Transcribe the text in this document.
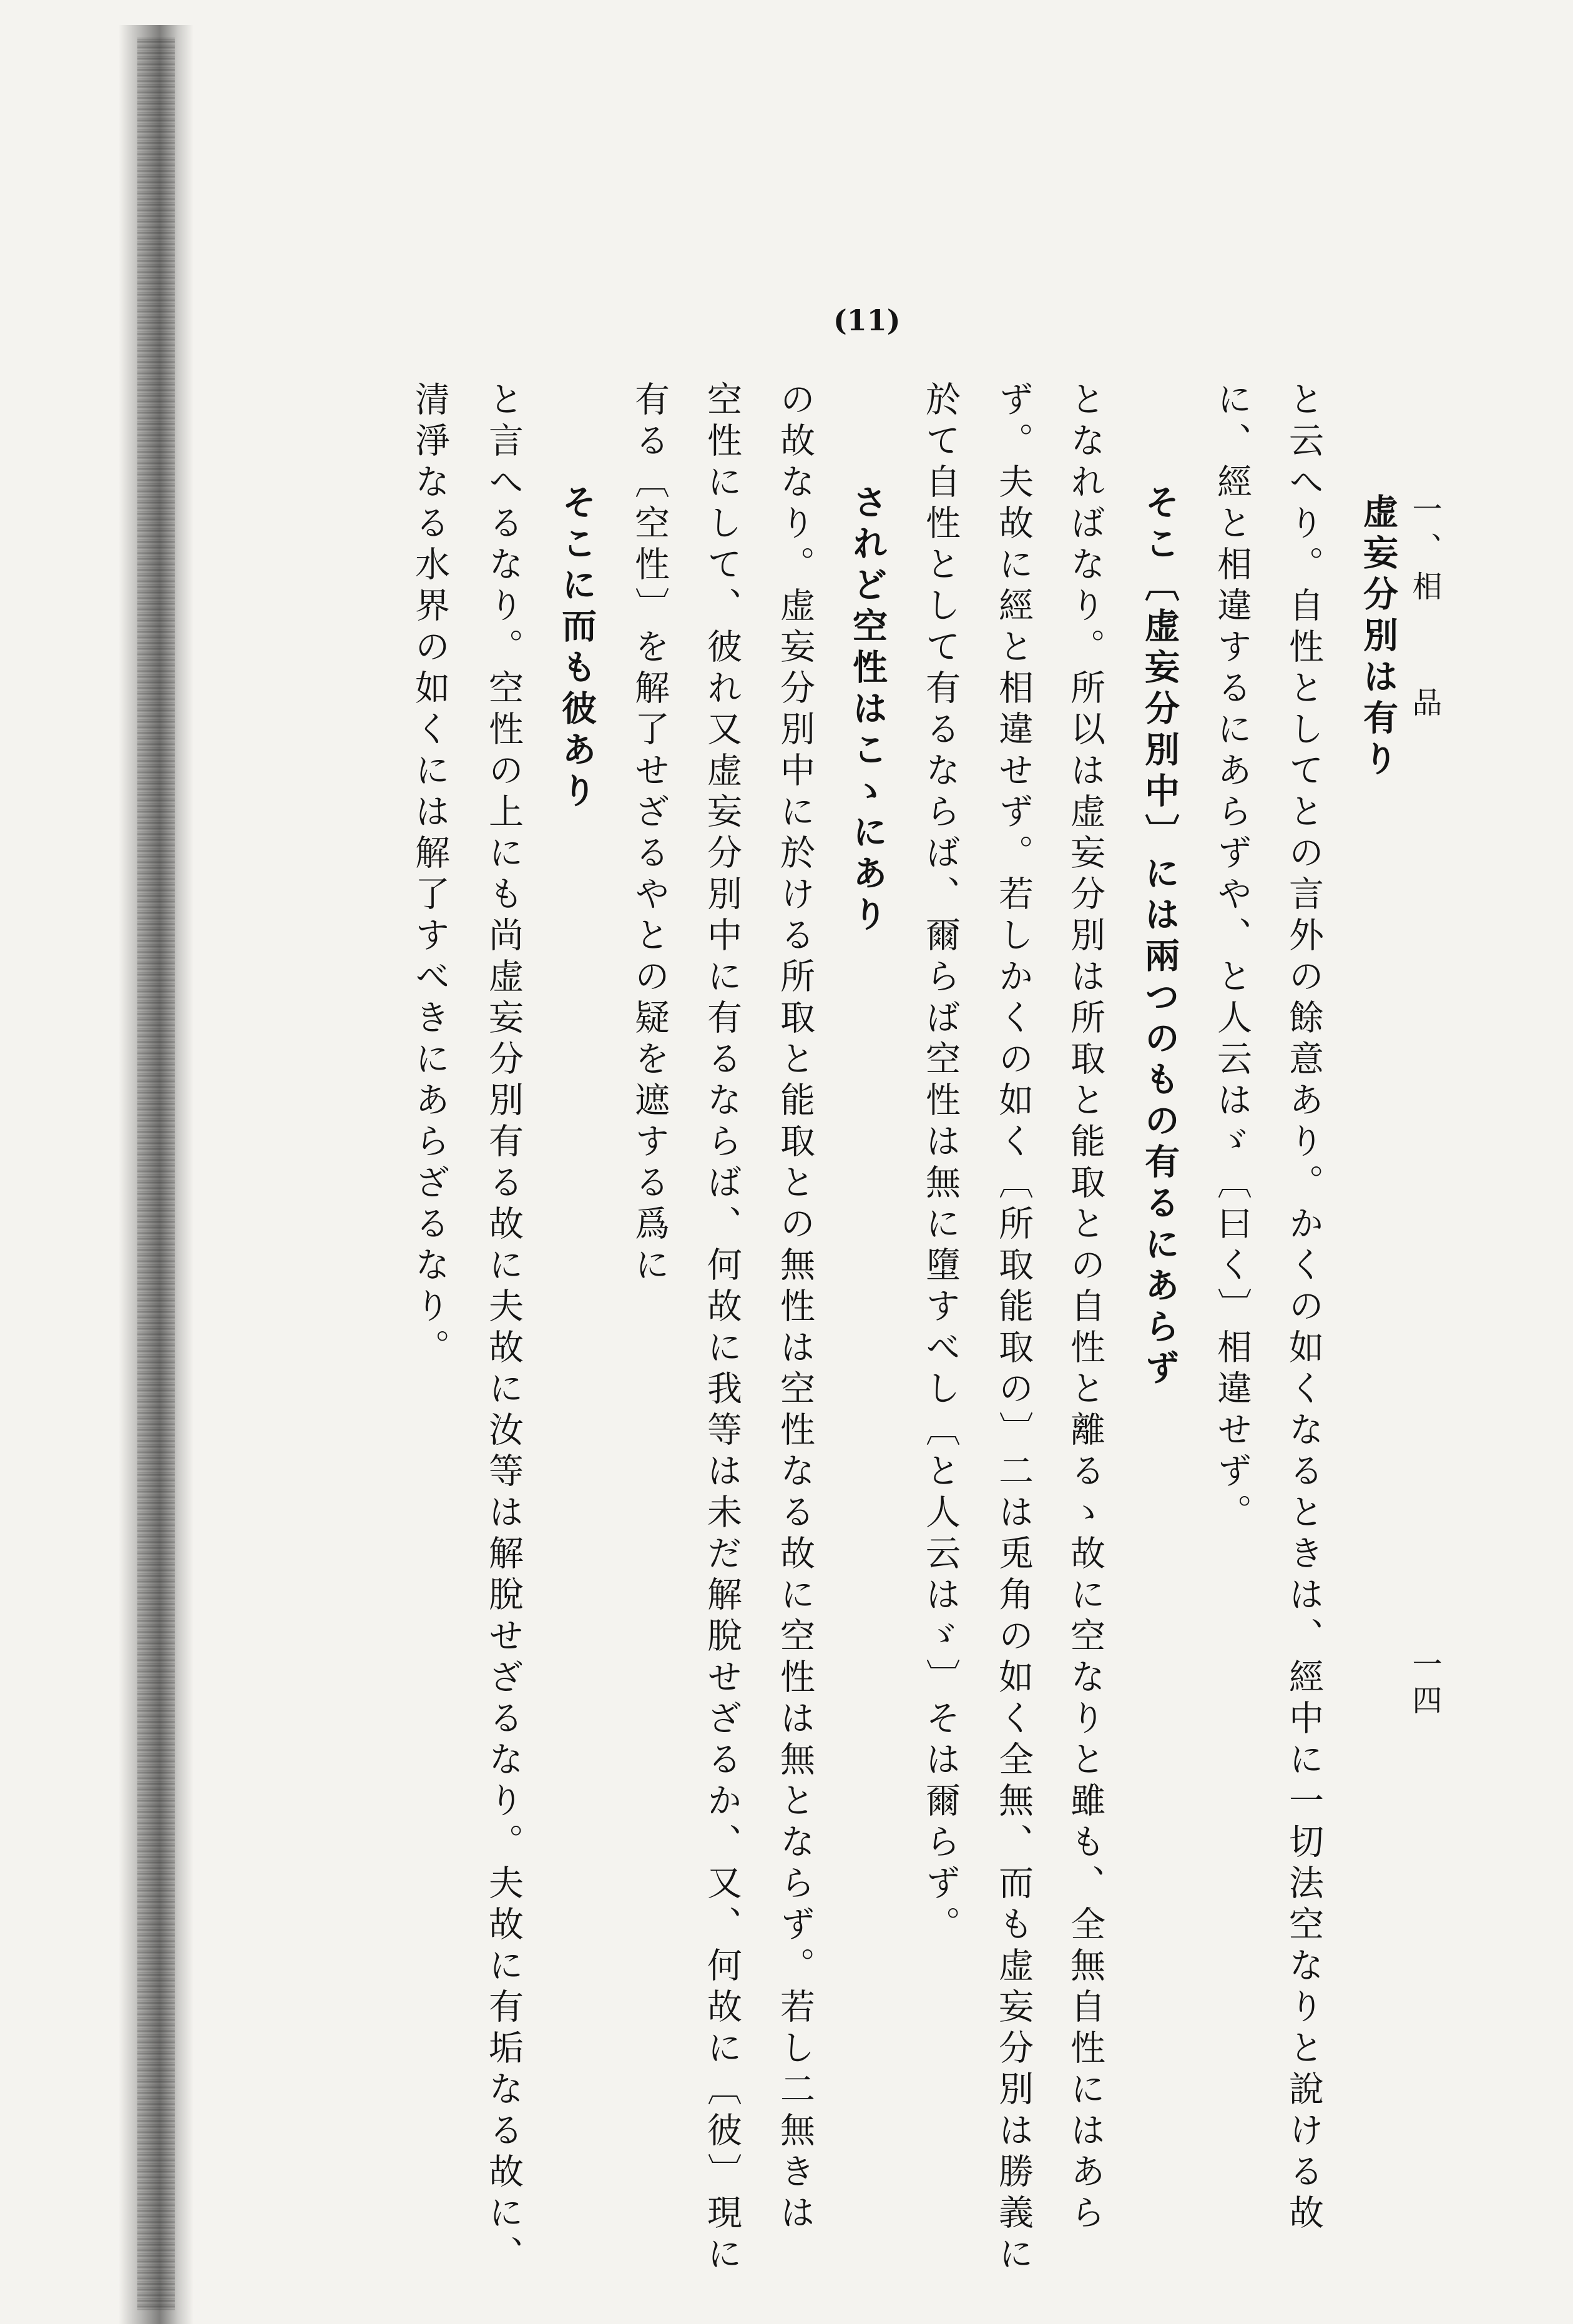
一、相　　品

一四

(11)

虚妄分別は有り

と云へり。自性としてとの言外の餘意あり。かくの如くなるときは、經中に一切法空なりと說ける故

に、經と相違するにあらずや、と人云はゞ〔曰く〕相違せず。

そこ〔虚妄分別中〕には兩つのもの有るにあらず

となればなり。所以は虚妄分別は所取と能取との自性と離るゝ故に空なりと雖も、全無自性にはあら

ず。夫故に經と相違せず。若しかくの如く〔所取能取の〕二は兎角の如く全無、而も虚妄分別は勝義に

於て自性として有るならば、爾らば空性は無に墮すべし〔と人云はゞ〕そは爾らず。

されど空性はこゝにあり

の故なり。虚妄分別中に於ける所取と能取との無性は空性なる故に空性は無とならず。若し二無きは

空性にして、彼れ又虚妄分別中に有るならば、何故に我等は未だ解脫せざるか、又、何故に〔彼〕現に

有る〔空性〕を解了せざるやとの疑を遮する爲に

そこに而も彼あり

と言へるなり。空性の上にも尚虚妄分別有る故に夫故に汝等は解脫せざるなり。夫故に有垢なる故に、

清淨なる水界の如くには解了すべきにあらざるなり。
